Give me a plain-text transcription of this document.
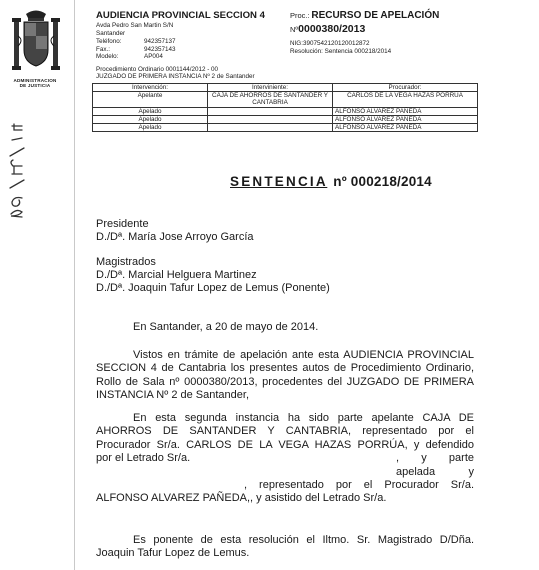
ADMINISTRACION
DE JUSTICIA
AUDIENCIA PROVINCIAL SECCION 4
Avda Pedro San Martin S/N
Santander
Teléfono:	942357137
Fax.:	942357143
Modelo:	AP004
Procedimiento Ordinario 0001144/2012 - 00
JUZGADO DE PRIMERA INSTANCIA Nº 2 de Santander
Proc.: RECURSO DE APELACIÓN
Nº0000380/2013
NIG:3907542120120012872
Resolución: Sentencia 000218/2014
Intervención:	Interviniente:	Procurador:
Apelante	CAJA DE AHORROS DE SANTANDER Y CANTABRIA	CARLOS DE LA VEGA HAZAS PORRÚA
Apelado		ALFONSO ALVAREZ PAÑEDA
Apelado		ALFONSO ALVAREZ PAÑEDA
Apelado		ALFONSO ALVAREZ PAÑEDA
SENTENCIA nº 000218/2014
Presidente
D./Dª. María Jose Arroyo García
Magistrados
D./Dª. Marcial Helguera Martinez
D./Dª. Joaquin Tafur Lopez de Lemus (Ponente)
En Santander, a 20 de mayo de 2014.
Vistos en trámite de apelación ante esta AUDIENCIA PROVINCIAL
SECCION 4 de Cantabria los presentes autos de Procedimiento Ordinario,
Rollo de Sala nº 0000380/2013, procedentes del JUZGADO DE PRIMERA
INSTANCIA Nº 2 de Santander,
En esta segunda instancia ha sido parte apelante CAJA DE
AHORROS DE SANTANDER Y CANTABRIA, representado por el
Procurador Sr/a. CARLOS DE LA VEGA HAZAS PORRÚA, y defendido
por el Letrado Sr/a.	, y parte apelada	y
, representado por el Procurador Sr/a.
ALFONSO ALVAREZ PAÑEDA,, y asistido del Letrado Sr/a.
Es ponente de esta resolución el Iltmo. Sr. Magistrado D/Dña.
Joaquin Tafur Lopez de Lemus.
